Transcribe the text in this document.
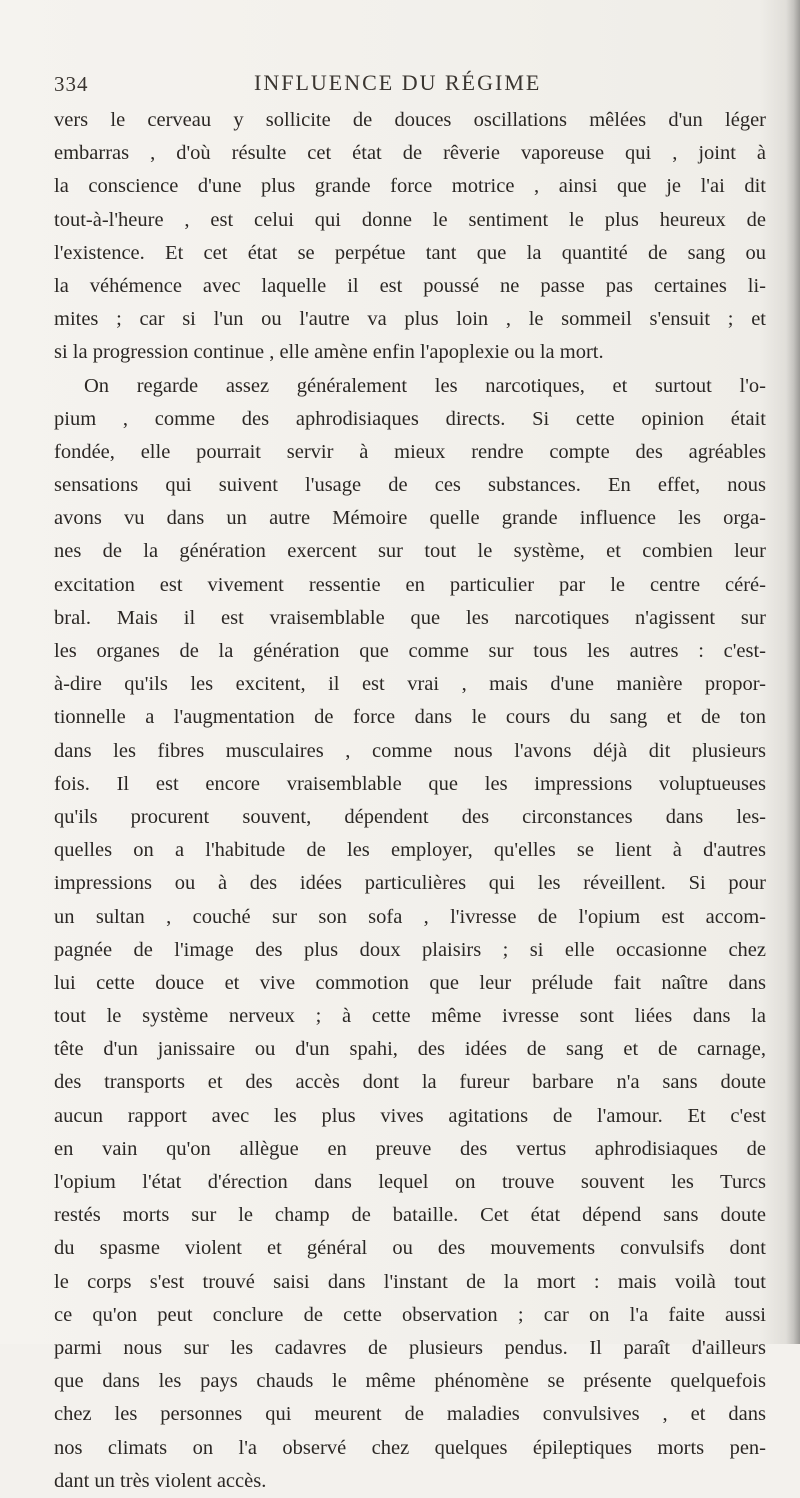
334	INFLUENCE DU RÉGIME
vers le cerveau y sollicite de douces oscillations mêlées d'un léger
embarras , d'où résulte cet état de rêverie vaporeuse qui , joint à
la conscience d'une plus grande force motrice , ainsi que je l'ai dit
tout-à-l'heure , est celui qui donne le sentiment le plus heureux de
l'existence. Et cet état se perpétue tant que la quantité de sang ou
la véhémence avec laquelle il est poussé ne passe pas certaines li-
mites ; car si l'un ou l'autre va plus loin , le sommeil s'ensuit ; et
si la progression continue , elle amène enfin l'apoplexie ou la mort.
On regarde assez généralement les narcotiques, et surtout l'o-
pium , comme des aphrodisiaques directs. Si cette opinion était
fondée, elle pourrait servir à mieux rendre compte des agréables
sensations qui suivent l'usage de ces substances. En effet, nous
avons vu dans un autre Mémoire quelle grande influence les orga-
nes de la génération exercent sur tout le système, et combien leur
excitation est vivement ressentie en particulier par le centre céré-
bral. Mais il est vraisemblable que les narcotiques n'agissent sur
les organes de la génération que comme sur tous les autres : c'est-
à-dire qu'ils les excitent, il est vrai , mais d'une manière propor-
tionnelle a l'augmentation de force dans le cours du sang et de ton
dans les fibres musculaires , comme nous l'avons déjà dit plusieurs
fois. Il est encore vraisemblable que les impressions voluptueuses
qu'ils procurent souvent, dépendent des circonstances dans les-
quelles on a l'habitude de les employer, qu'elles se lient à d'autres
impressions ou à des idées particulières qui les réveillent. Si pour
un sultan , couché sur son sofa , l'ivresse de l'opium est accom-
pagnée de l'image des plus doux plaisirs ; si elle occasionne chez
lui cette douce et vive commotion que leur prélude fait naître dans
tout le système nerveux ; à cette même ivresse sont liées dans la
tête d'un janissaire ou d'un spahi, des idées de sang et de carnage,
des transports et des accès dont la fureur barbare n'a sans doute
aucun rapport avec les plus vives agitations de l'amour. Et c'est
en vain qu'on allègue en preuve des vertus aphrodisiaques de
l'opium l'état d'érection dans lequel on trouve souvent les Turcs
restés morts sur le champ de bataille. Cet état dépend sans doute
du spasme violent et général ou des mouvements convulsifs dont
le corps s'est trouvé saisi dans l'instant de la mort : mais voilà tout
ce qu'on peut conclure de cette observation ; car on l'a faite aussi
parmi nous sur les cadavres de plusieurs pendus. Il paraît d'ailleurs
que dans les pays chauds le même phénomène se présente quelquefois
chez les personnes qui meurent de maladies convulsives , et dans
nos climats on l'a observé chez quelques épileptiques morts pen-
dant un très violent accès.
